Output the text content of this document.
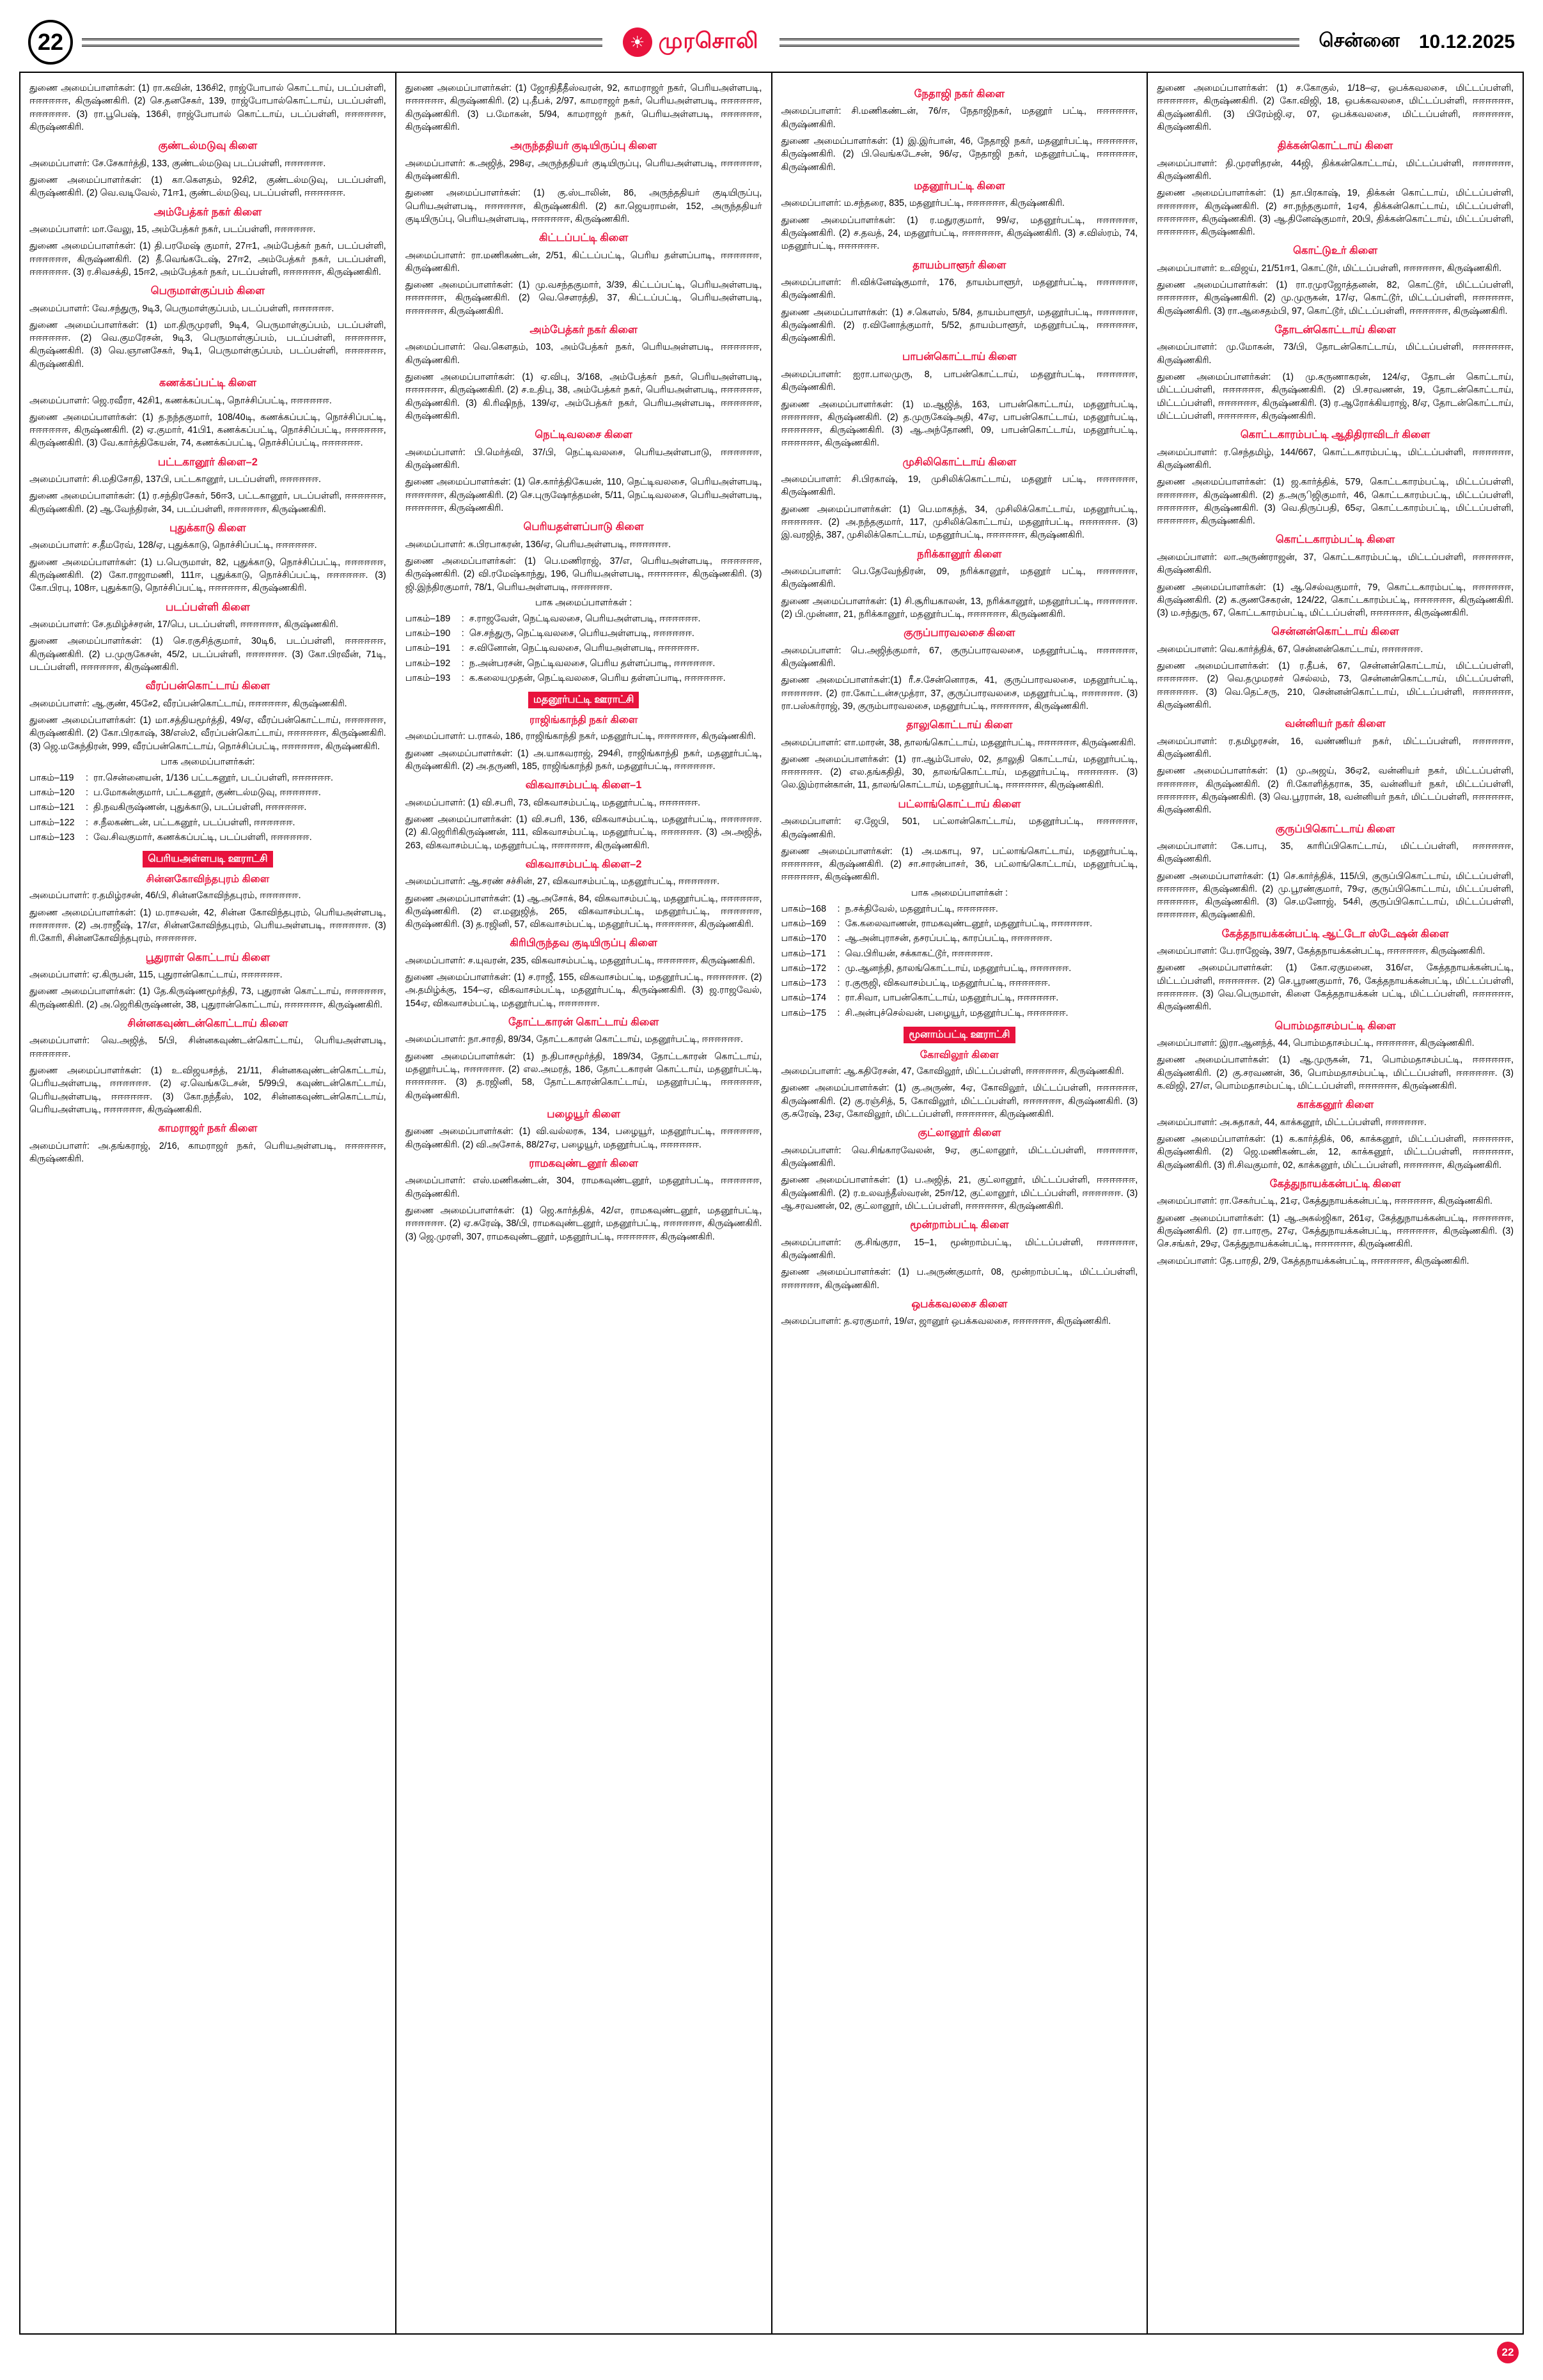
22	☀ முரசொலி	சென்னை	10.12.2025

துணை அமைப்பாளர்கள்: (1) ரா.கவின், 136சி2, ராஜ்போபால் கொட்டாய், படப்பள்ளி, ஈஈஈஈஈஈ, கிருஷ்ணகிரி. (2) செ.தனசேகர், 139, ராஜ்போபால்கொட்டாய், படப்பள்ளி, ஈஈஈஈஈஈ. (3) ரா.பூபெஷ், 136சி, ராஜ்போபால் கொட்டாய், படப்பள்ளி, ஈஈஈஈஈஈ, கிருஷ்ணகிரி.

குண்டல்மடுவு கிளை

அமைப்பாளர்: சே.சேகார்த்தி, 133, குண்டல்மடுவு படப்பள்ளி, ஈஈஈஈஈஈ.

துணை அமைப்பாளர்கள்: (1) கா.கௌதம், 92சி2, குண்டல்மடுவு, படப்பள்ளி, கிருஷ்ணகிரி. (2) வெ.வடிவேல், 71ஈ1, குண்டல்மடுவு, படப்பள்ளி, ஈஈஈஈஈஈ.

அம்பேத்கர் நகர் கிளை

அமைப்பாளர்: மா.வேலு, 15, அம்பேத்கர் நகர், படப்பள்ளி, ஈஈஈஈஈஈ.

துணை அமைப்பாளர்கள்: (1) தி.பரமேஷ் குமார், 27ஈ1, அம்பேத்கர் நகர், படப்பள்ளி, ஈஈஈஈஈஈ, கிருஷ்ணகிரி. (2) தீ.வெங்கடேஷ், 27ஈ2, அம்பேத்கர் நகர், படப்பள்ளி, ஈஈஈஈஈஈ. (3) ர.சிவசக்தி, 15ஈ2, அம்பேத்கர் நகர், படப்பள்ளி, ஈஈஈஈஈஈ, கிருஷ்ணகிரி.

பெருமாள்குப்பம் கிளை

அமைப்பாளர்: வே.சந்துரு, 9டி3, பெருமாள்குப்பம், படப்பள்ளி, ஈஈஈஈஈஈ.

துணை அமைப்பாளர்கள்: (1) மா.திருமுரளி, 9டி4, பெருமாள்குப்பம், படப்பள்ளி, ஈஈஈஈஈஈ. (2) வெ.குமரேசன், 9டி3, பெருமாள்குப்பம், படப்பள்ளி, ஈஈஈஈஈஈ, கிருஷ்ணகிரி. (3) வெ.ஞானசேகர், 9டி1, பெருமாள்குப்பம், படப்பள்ளி, ஈஈஈஈஈஈ, கிருஷ்ணகிரி.

கணக்கப்பட்டி கிளை

அமைப்பாளர்: ஜெ.ரவீரா, 42சி1, கணக்கப்பட்டி, நொச்சிப்பட்டி, ஈஈஈஈஈஈ.

துணை அமைப்பாளர்கள்: (1) த.நந்தகுமார், 108/40டி, கணக்கப்பட்டி, நொச்சிப்பட்டி, ஈஈஈஈஈஈ, கிருஷ்ணகிரி. (2) ஏ.குமார், 41பி1, கணக்கப்பட்டி, நொச்சிப்பட்டி, ஈஈஈஈஈஈ, கிருஷ்ணகிரி. (3) வே.கார்த்திகேயன், 74, கணக்கப்பட்டி, நொச்சிப்பட்டி, ஈஈஈஈஈஈ.

பட்டகானூர் கிளை–2

அமைப்பாளர்: சி.மதிசோதி, 137பி, பட்டகானூர், படப்பள்ளி, ஈஈஈஈஈஈ.

துணை அமைப்பாளர்கள்: (1) ர.சந்திரசேகர், 56ஈ3, பட்டகானூர், படப்பள்ளி, ஈஈஈஈஈஈ, கிருஷ்ணகிரி. (2) ஆ.வேந்திரன், 34, படப்பள்ளி, ஈஈஈஈஈஈ, கிருஷ்ணகிரி.

புதுக்காடு கிளை

அமைப்பாளர்: ச.தீமரேவ், 128/ஏ, புதுக்காடு, நொச்சிப்பட்டி, ஈஈஈஈஈஈ.

துணை அமைப்பாளர்கள்: (1) ப.பெருமாள், 82, புதுக்காடு, நொச்சிப்பட்டி, ஈஈஈஈஈஈ, கிருஷ்ணகிரி. (2) கோ.ராஜாமணி, 111ஈ, புதுக்காடு, நொச்சிப்பட்டி, ஈஈஈஈஈஈ. (3) கோ.பிரபு, 108ஈ, புதுக்காடு, நொச்சிப்பட்டி, ஈஈஈஈஈஈ, கிருஷ்ணகிரி.

படப்பள்ளி கிளை

அமைப்பாளர்: சே.தமிழ்ச்சரன், 17/பெ, படப்பள்ளி, ஈஈஈஈஈஈ, கிருஷ்ணகிரி.

துணை அமைப்பாளர்கள்: (1) செ.ரகுசித்குமார், 30டி6, படப்பள்ளி, ஈஈஈஈஈஈ, கிருஷ்ணகிரி. (2) ப.முருகேசன், 45/2, படப்பள்ளி, ஈஈஈஈஈஈ. (3) கோ.பிரவீன், 71டி, படப்பள்ளி, ஈஈஈஈஈஈ, கிருஷ்ணகிரி.

வீரப்பன்கொட்டாய் கிளை

அமைப்பாளர்: ஆ.குண், 45சே2, வீரப்பன்கொட்டாய், ஈஈஈஈஈஈ, கிருஷ்ணகிரி.

துணை அமைப்பாளர்கள்: (1) மா.சத்தியமூர்த்தி, 49/ஏ, வீரப்பன்கொட்டாய், ஈஈஈஈஈஈ, கிருஷ்ணகிரி. (2) கோ.பிரகாஷ், 38/எஸ்2, வீரப்பன்கொட்டாய், ஈஈஈஈஈஈ, கிருஷ்ணகிரி. (3) ஜெ.மகேந்திரன், 999, வீரப்பன்கொட்டாய், நொச்சிப்பட்டி, ஈஈஈஈஈஈ, கிருஷ்ணகிரி.

பாக அமைப்பாளர்கள்:
பாகம்–119	: ரா.சென்னையன், 1/136 பட்டகனூர், படப்பள்ளி, ஈஈஈஈஈஈ.
பாகம்–120	: ப.மோகன்குமார், பட்டகனூர், குண்டல்மடுவு, ஈஈஈஈஈஈ.
பாகம்–121	: தி.நவகிருஷ்ணன், புதுக்காடு, படப்பள்ளி, ஈஈஈஈஈஈ.
பாகம்–122	: ச.நீலகண்டன், பட்டகனூர், படப்பள்ளி, ஈஈஈஈஈஈ.
பாகம்–123	: வே.சிவகுமார், கணக்கப்பட்டி, படப்பள்ளி, ஈஈஈஈஈஈ.
பெரியஅள்ளபடி ஊராட்சி
சின்னகோவிந்தபுரம் கிளை

அமைப்பாளர்: ர.தமிழ்ரசன், 46/பி, சின்னகோவிந்தபுரம், ஈஈஈஈஈஈ.

துணை அமைப்பாளர்கள்: (1) ம.ராசவன், 42, சின்ன கோவிந்தபுரம், பெரியஅள்ளபடி, ஈஈஈஈஈஈ. (2) அ.ராஜீஷ், 17/எ, சின்னகோவிந்தபுரம், பெரியஅள்ளபடி, ஈஈஈஈஈஈ. (3) ரி.கோரி, சின்னகோவிந்தபுரம், ஈஈஈஈஈஈ.

பூதுராள் கொட்டாய் கிளை

அமைப்பாளர்: ஏ.கிருபன், 115, புதுரான்கொட்டாய், ஈஈஈஈஈஈ.

துணை அமைப்பாளர்கள்: (1) தே.கிருஷ்ணமூர்த்தி, 73, புதுரான் கொட்டாய், ஈஈஈஈஈஈ, கிருஷ்ணகிரி. (2) அ.ஜெரிகிருஷ்ணன், 38, புதுரான்கொட்டாய், ஈஈஈஈஈஈ, கிருஷ்ணகிரி.

சின்னகவுண்டன்கொட்டாய் கிளை

அமைப்பாளர்: வெ.அஜித், 5/பி, சின்னகவுண்டன்கொட்டாய், பெரியஅள்ளபடி, ஈஈஈஈஈஈ.

துணை அமைப்பாளர்கள்: (1) உ.விஜயசந்த், 21/11, சின்னகவுண்டன்கொட்டாய், பெரியஅள்ளபடி, ஈஈஈஈஈஈ. (2) ஏ.வெங்கடேசன், 5/99பி, கவுண்டன்கொட்டாய், பெரியஅள்ளபடி, ஈஈஈஈஈஈ. (3) கோ.நந்தீஸ், 102, சின்னகவுண்டன்கொட்டாய், பெரியஅள்ளபடி, ஈஈஈஈஈஈ, கிருஷ்ணகிரி.

காமராஜர் நகர் கிளை

அமைப்பாளர்: அ.தங்கராஜ், 2/16, காமராஜர் நகர், பெரியஅள்ளபடி, ஈஈஈஈஈஈ, கிருஷ்ணகிரி.

துணை அமைப்பாளர்கள்: (1) ஜோதிதீதீஸ்வரன், 92, காமராஜர் நகர், பெரியஅள்ளபடி, ஈஈஈஈஈஈ, கிருஷ்ணகிரி. (2) பு.தீபக், 2/97, காமராஜர் நகர், பெரியஅள்ளபடி, ஈஈஈஈஈஈ, கிருஷ்ணகிரி. (3) ப.மோகன், 5/94, காமராஜர் நகர், பெரியஅள்ளபடி, ஈஈஈஈஈஈ, கிருஷ்ணகிரி.

அருந்ததியர் குடியிருப்பு கிளை

அமைப்பாளர்: க.அஜித், 298ஏ, அருந்ததியர் குடியிருப்பு, பெரியஅள்ளபடி, ஈஈஈஈஈஈ, கிருஷ்ணகிரி.

துணை அமைப்பாளர்கள்: (1) கு.ஸ்டாலின், 86, அருந்ததியர் குடியிருப்பு, பெரியஅள்ளபடி, ஈஈஈஈஈஈ, கிருஷ்ணகிரி. (2) கா.ஜெயராமன், 152, அருந்ததியர் குடியிருப்பு, பெரியஅள்ளபடி, ஈஈஈஈஈஈ, கிருஷ்ணகிரி.

கிட்டப்பட்டி கிளை

அமைப்பாளர்: ரா.மணிகண்டன், 2/51, கிட்டப்பட்டி, பெரிய தள்ளப்பாடி, ஈஈஈஈஈஈ, கிருஷ்ணகிரி.

துணை அமைப்பாளர்கள்: (1) மு.வசந்தகுமார், 3/39, கிட்டப்பட்டி, பெரியஅள்ளபடி, ஈஈஈஈஈஈ, கிருஷ்ணகிரி. (2) வெ.சௌரத்தி, 37, கிட்டப்பட்டி, பெரியஅள்ளபடி, ஈஈஈஈஈஈ, கிருஷ்ணகிரி.

அம்பேத்கர் நகர் கிளை

அமைப்பாளர்: வெ.கௌதம், 103, அம்பேத்கர் நகர், பெரியஅள்ளபடி, ஈஈஈஈஈஈ, கிருஷ்ணகிரி.

துணை அமைப்பாளர்கள்: (1) ஏ.விபு, 3/168, அம்பேத்கர் நகர், பெரியஅள்ளபடி, ஈஈஈஈஈஈ, கிருஷ்ணகிரி. (2) ச.உதிபு, 38, அம்பேத்கர் நகர், பெரியஅள்ளபடி, ஈஈஈஈஈஈ, கிருஷ்ணகிரி. (3) கி.ரிஷிநந், 139/ஏ, அம்பேத்கர் நகர், பெரியஅள்ளபடி, ஈஈஈஈஈஈ, கிருஷ்ணகிரி.

நெட்டிவலசை கிளை

அமைப்பாளர்: பி.மெர்த்வி, 37/பி, நெட்டிவலசை, பெரியஅள்ளபாடு, ஈஈஈஈஈஈ, கிருஷ்ணகிரி.

துணை அமைப்பாளர்கள்: (1) செ.கார்த்திகேயன், 110, நெட்டிவலசை, பெரியஅள்ளபடி, ஈஈஈஈஈஈ, கிருஷ்ணகிரி. (2) செ.புருஷோத்தமன், 5/11, நெட்டிவலசை, பெரியஅள்ளபடி, ஈஈஈஈஈஈ, கிருஷ்ணகிரி.

பெரியதள்ளப்பாடு கிளை

அமைப்பாளர்: க.பிரபாகரன், 136/ஏ, பெரியஅள்ளபடி, ஈஈஈஈஈஈ.

துணை அமைப்பாளர்கள்: (1) பெ.மணிராஜ், 37/எ, பெரியஅள்ளபடி, ஈஈஈஈஈஈ, கிருஷ்ணகிரி. (2) வி.ரமேஷ்காந்து, 196, பெரியஅள்ளபடி, ஈஈஈஈஈஈ, கிருஷ்ணகிரி. (3) ஜி.இந்திரகுமார், 78/1, பெரியஅள்ளபடி, ஈஈஈஈஈஈ.

பாக அமைப்பாளர்கள் :
பாகம்–189	: ச.ராஜவேள், நெட்டிவலசை, பெரியஅள்ளபடி, ஈஈஈஈஈஈ.
பாகம்–190	: செ.சந்துரு, நெட்டிவலசை, பெரியஅள்ளபடி, ஈஈஈஈஈஈ.
பாகம்–191	: ச.வினோன், நெட்டிவலசை, பெரியஅள்ளபடி, ஈஈஈஈஈஈ.
பாகம்–192	: ந.அன்பரசன், நெட்டிவலசை, பெரிய தள்ளப்பாடி, ஈஈஈஈஈஈ.
பாகம்–193	: க.கலையமுதன், நெட்டிவலசை, பெரிய தள்ளப்பாடி, ஈஈஈஈஈஈ.
மதனூர்பட்டி ஊராட்சி
ராஜிங்காந்தி நகர் கிளை

அமைப்பாளர்: ப.ராகல், 186, ராஜிங்காந்தி நகர், மதனூர்பட்டி, ஈஈஈஈஈஈ, கிருஷ்ணகிரி.

துணை அமைப்பாளர்கள்: (1) அ.யாகவராஜ், 294சி, ராஜிங்காந்தி நகர், மதனூர்பட்டி, கிருஷ்ணகிரி. (2) அ.தருணி, 185, ராஜிங்காந்தி நகர், மதனூர்பட்டி, ஈஈஈஈஈஈ.

விகவாசம்பட்டி கிளை–1

அமைப்பாளர்: (1) வி.சபரி, 73, விகவாசம்பட்டி, மதனூர்பட்டி, ஈஈஈஈஈஈ.

துணை அமைப்பாளர்கள்: (1) வி.சபரி, 136, விகவாசம்பட்டி, மதனூர்பட்டி, ஈஈஈஈஈஈ. (2) கி.ஜெரிரிகிருஷ்ணன், 111, விகவாசம்பட்டி, மதனூர்பட்டி, ஈஈஈஈஈஈ. (3) அ.அஜித், 263, விகவாசம்பட்டி, மதனூர்பட்டி, ஈஈஈஈஈஈ, கிருஷ்ணகிரி.

விகவாசம்பட்டி கிளை–2

அமைப்பாளர்: ஆ.சரண் சச்சின், 27, விகவாசம்பட்டி, மதனூர்பட்டி, ஈஈஈஈஈஈ.

துணை அமைப்பாளர்கள்: (1) ஆ.அசோக், 84, விகவாசம்பட்டி, மதனூர்பட்டி, ஈஈஈஈஈஈ, கிருஷ்ணகிரி. (2) எ.மனுஜித், 265, விகவாசம்பட்டி, மதனூர்பட்டி, ஈஈஈஈஈஈ, கிருஷ்ணகிரி. (3) த.ரஜினி, 57, விகவாசம்பட்டி, மதனூர்பட்டி, ஈஈஈஈஈஈ, கிருஷ்ணகிரி.

கிரிபிருந்தவ குடியிருப்பு கிளை

அமைப்பாளர்: ச.யுவரன், 235, விகவாசம்பட்டி, மதனூர்பட்டி, ஈஈஈஈஈஈ, கிருஷ்ணகிரி.

துணை அமைப்பாளர்கள்: (1) ச.ராஜீ, 155, விகவாசம்பட்டி, மதனூர்பட்டி, ஈஈஈஈஈஈ. (2) அ.தமிழ்க்கு, 154–ஏ, விகவாசம்பட்டி, மதனூர்பட்டி, கிருஷ்ணகிரி. (3) ஜ.ராஜவேல், 154ஏ, விகவாசம்பட்டி, மதனூர்பட்டி, ஈஈஈஈஈஈ.

தோட்டகாரன் கொட்டாய் கிளை

அமைப்பாளர்: நா.சாரதி, 89/34, தோட்டகாரன் கொட்டாய், மதனூர்பட்டி, ஈஈஈஈஈஈ.

துணை அமைப்பாளர்கள்: (1) ந.திபாசமூர்த்தி, 189/34, தோட்டகாரன் கொட்டாய், மதனூர்பட்டி, ஈஈஈஈஈஈ. (2) எல.அமரத், 186, தோட்டகாரன் கொட்டாய், மதனூர்பட்டி, ஈஈஈஈஈஈ. (3) த.ரஜினி, 58, தோட்டகாரன்கொட்டாய், மதனூர்பட்டி, ஈஈஈஈஈஈ, கிருஷ்ணகிரி.

பழையூர் கிளை

துணை அமைப்பாளர்கள்: (1) வி.வல்லரசு, 134, பழையூர், மதனூர்பட்டி, ஈஈஈஈஈஈ, கிருஷ்ணகிரி. (2) வி.அசோக், 88/27ஏ, பழையூர், மதனூர்பட்டி, ஈஈஈஈஈஈ.

ராமகவுண்டனூர் கிளை

அமைப்பாளர்: எஸ்.மணிகண்டன், 304, ராமகவுண்டனூர், மதனூர்பட்டி, ஈஈஈஈஈஈ, கிருஷ்ணகிரி.

துணை அமைப்பாளர்கள்: (1) ஜெ.கார்த்திக், 42/எ, ராமகவுண்டனூர், மதனூர்பட்டி, ஈஈஈஈஈஈ. (2) ஏ.சுரேஷ், 38/பி, ராமகவுண்டனூர், மதனூர்பட்டி, ஈஈஈஈஈஈ, கிருஷ்ணகிரி. (3) ஜெ.முரளி, 307, ராமகவுண்டனூர், மதனூர்பட்டி, ஈஈஈஈஈஈ, கிருஷ்ணகிரி.

நேதாஜி நகர் கிளை

அமைப்பாளர்: சி.மணிகண்டன், 76/ஈ, நேதாஜிநகர், மதனூர் பட்டி, ஈஈஈஈஈஈ, கிருஷ்ணகிரி.

துணை அமைப்பாளர்கள்: (1) இ.இர்பான், 46, நேதாஜி நகர், மதனூர்பட்டி, ஈஈஈஈஈஈ, கிருஷ்ணகிரி. (2) பி.வெங்கடேசன், 96/ஏ, நேதாஜி நகர், மதனூர்பட்டி, ஈஈஈஈஈஈ, கிருஷ்ணகிரி.

மதனூர்பட்டி கிளை

அமைப்பாளர்: ம.சந்தரை, 835, மதனூர்பட்டி, ஈஈஈஈஈஈ, கிருஷ்ணகிரி.

துணை அமைப்பாளர்கள்: (1) ர.மதுரகுமார், 99/ஏ, மதனூர்பட்டி, ஈஈஈஈஈஈ, கிருஷ்ணகிரி. (2) ச.தவத், 24, மதனூர்பட்டி, ஈஈஈஈஈஈ, கிருஷ்ணகிரி. (3) ச.விஸ்ரம், 74, மதனூர்பட்டி, ஈஈஈஈஈஈ.

தாயம்பாளூர் கிளை

அமைப்பாளர்: ரி.விக்னேஷ்குமார், 176, தாயம்பாளூர், மதனூர்பட்டி, ஈஈஈஈஈஈ, கிருஷ்ணகிரி.

துணை அமைப்பாளர்கள்: (1) ச.கௌஸ், 5/84, தாயம்பாளூர், மதனூர்பட்டி, ஈஈஈஈஈஈ, கிருஷ்ணகிரி. (2) ர.வினோத்குமார், 5/52, தாயம்பாளூர், மதனூர்பட்டி, ஈஈஈஈஈஈ, கிருஷ்ணகிரி.

பாபன்கொட்டாய் கிளை

அமைப்பாளர்: ஐரா.பாலமுரு, 8, பாபன்கொட்டாய், மதனூர்பட்டி, ஈஈஈஈஈஈ, கிருஷ்ணகிரி.

துணை அமைப்பாளர்கள்: (1) ம.ஆஜித், 163, பாபன்கொட்டாய், மதனூர்பட்டி, ஈஈஈஈஈஈ, கிருஷ்ணகிரி. (2) த.முருகேஷ்அதி, 47ஏ, பாபன்கொட்டாய், மதனூர்பட்டி, ஈஈஈஈஈஈ, கிருஷ்ணகிரி. (3) ஆ.அந்தோணி, 09, பாபன்கொட்டாய், மதனூர்பட்டி, ஈஈஈஈஈஈ, கிருஷ்ணகிரி.

முசிலிகொட்டாய் கிளை

அமைப்பாளர்: சி.பிரகாஷ், 19, முசிலிக்கொட்டாய், மதனூர் பட்டி, ஈஈஈஈஈஈ, கிருஷ்ணகிரி.

துணை அமைப்பாளர்கள்: (1) பெ.மாகந்த், 34, முசிலிக்கொட்டாய், மதனூர்பட்டி, ஈஈஈஈஈஈ. (2) அ.நந்தகுமார், 117, முசிலிக்கொட்டாய், மதனூர்பட்டி, ஈஈஈஈஈஈ. (3) இ.வரஜித், 387, முசிலிக்கொட்டாய், மதனூர்பட்டி, ஈஈஈஈஈஈ, கிருஷ்ணகிரி.

நரிக்கானூர் கிளை

அமைப்பாளர்: பெ.தேவேந்திரன், 09, நரிக்கானூர், மதனூர் பட்டி, ஈஈஈஈஈஈ, கிருஷ்ணகிரி.

துணை அமைப்பாளர்கள்: (1) சி.சூரியகாலன், 13, நரிக்கானூர், மதனூர்பட்டி, ஈஈஈஈஈஈ. (2) பி.முன்னா, 21, நரிக்கானூர், மதனூர்பட்டி, ஈஈஈஈஈஈ, கிருஷ்ணகிரி.

குருப்பாரவலசை கிளை

அமைப்பாளர்: பெ.அஜித்குமார், 67, குருப்பாரவலசை, மதனூர்பட்டி, ஈஈஈஈஈஈ, கிருஷ்ணகிரி.

துணை அமைப்பாளர்கள்:(1) ரீ.ச.சேன்னொரசு, 41, குருப்பாரவலசை, மதனூர்பட்டி, ஈஈஈஈஈஈ. (2) ரா.கோட்டன்சமுத்ரா, 37, குருப்பாரவலசை, மதனூர்பட்டி, ஈஈஈஈஈஈ. (3) ரா.பஸ்கர்ராஜ், 39, குரும்பாரவலசை, மதனூர்பட்டி, ஈஈஈஈஈஈ, கிருஷ்ணகிரி.

தாலுகொட்டாய் கிளை

அமைப்பாளர்: எா.மாரன், 38, தாலங்கொட்டாய், மதனூர்பட்டி, ஈஈஈஈஈஈ, கிருஷ்ணகிரி.

துணை அமைப்பாளர்கள்: (1) ரா.ஆம்போஸ், 02, தாலுதி கொட்டாய், மதனூர்பட்டி, ஈஈஈஈஈஈ. (2) எல.தங்கதிதி, 30, தாலங்கொட்டாய், மதனூர்பட்டி, ஈஈஈஈஈஈ. (3) லெ.இம்ரான்கான், 11, தாலங்கொட்டாய், மதனூர்பட்டி, ஈஈஈஈஈஈ, கிருஷ்ணகிரி.

பட்லாங்கொட்டாய் கிளை

அமைப்பாளர்: ஏ.ஜேபி, 501, பட்லான்கொட்டாய், மதனூர்பட்டி, ஈஈஈஈஈஈ, கிருஷ்ணகிரி.

துணை அமைப்பாளர்கள்: (1) அ.மகாபு, 97, பட்லாங்கொட்டாய், மதனூர்பட்டி, ஈஈஈஈஈஈ, கிருஷ்ணகிரி. (2) சா.சாரன்பாசர், 36, பட்லாங்கொட்டாய், மதனூர்பட்டி, ஈஈஈஈஈஈ, கிருஷ்ணகிரி.

பாக அமைப்பாளர்கள் :
பாகம்–168	: ந.சக்திவேல், மதனூர்பட்டி, ஈஈஈஈஈஈ.
பாகம்–169	: கே.கலைவாணன், ராமகவுண்டனூர், மதனூர்பட்டி, ஈஈஈஈஈஈ.
பாகம்–170	: ஆ.அன்புராசன், தசரப்பட்டி, காரப்பட்டி, ஈஈஈஈஈஈ.
பாகம்–171	: வெ.பிரியன், சக்காகட்டூர், ஈஈஈஈஈஈ.
பாகம்–172	: மு.ஆனந்தி, தாலங்கொட்டாய், மதனூர்பட்டி, ஈஈஈஈஈஈ.
பாகம்–173	: ர.குரூஜி, விகவாசம்பட்டி, மதனூர்பட்டி, ஈஈஈஈஈஈ.
பாகம்–174	: ரா.சிவா, பாபன்கொட்டாய், மதனூர்பட்டி, ஈஈஈஈஈஈ.
பாகம்–175	: சி.அன்புச்செல்வன், பழையூர், மதனூர்பட்டி, ஈஈஈஈஈஈ.
மூனாம்பட்டி ஊராட்சி
கோவிலூர் கிளை

அமைப்பாளர்: ஆ.கதிரேசன், 47, கோவிலூர், மிட்டப்பள்ளி, ஈஈஈஈஈஈ, கிருஷ்ணகிரி.

துணை அமைப்பாளர்கள்: (1) கு.அருண், 4ஏ, கோவிலூர், மிட்டப்பள்ளி, ஈஈஈஈஈஈ, கிருஷ்ணகிரி. (2) கு.ரஞ்சித், 5, கோவிலூர், மிட்டப்பள்ளி, ஈஈஈஈஈஈ, கிருஷ்ணகிரி. (3) கு.சுரேஷ், 23ஏ, கோவிலூர், மிட்டப்பள்ளி, ஈஈஈஈஈஈ, கிருஷ்ணகிரி.

குட்லானூர் கிளை

அமைப்பாளர்: வெ.சிங்காரவேலன், 9ஏ, குட்லானூர், மிட்டப்பள்ளி, ஈஈஈஈஈஈ, கிருஷ்ணகிரி.

துணை அமைப்பாளர்கள்: (1) ப.அஜித், 21, குட்லானூர், மிட்டப்பள்ளி, ஈஈஈஈஈஈ, கிருஷ்ணகிரி. (2) ர.உலவந்தீஸ்வரன், 25ஈ/12, குட்லானூர், மிட்டப்பள்ளி, ஈஈஈஈஈஈ. (3) ஆ.சரவணன், 02, குட்லானூர், மிட்டப்பள்ளி, ஈஈஈஈஈஈ, கிருஷ்ணகிரி.

மூன்றாம்பட்டி கிளை

அமைப்பாளர்: கு.சிங்குரா, 15–1, மூன்றாம்பட்டி, மிட்டப்பள்ளி, ஈஈஈஈஈஈ, கிருஷ்ணகிரி.

துணை அமைப்பாளர்கள்: (1) ப.அருண்குமார், 08, மூன்றாம்பட்டி, மிட்டப்பள்ளி, ஈஈஈஈஈஈ, கிருஷ்ணகிரி.

ஒபக்கவலசை கிளை

அமைப்பாளர்: த.ஏரகுமார், 19/எ, ஜானூர் ஒபக்கவலசை, ஈஈஈஈஈஈ, கிருஷ்ணகிரி.

துணை அமைப்பாளர்கள்: (1) ச.கோகுல், 1/18–ஏ, ஒபக்கவலசை, மிட்டப்பள்ளி, ஈஈஈஈஈஈ, கிருஷ்ணகிரி. (2) கோ.விஜி, 18, ஒபக்கவலசை, மிட்டப்பள்ளி, ஈஈஈஈஈஈ, கிருஷ்ணகிரி. (3) பிரேம்ஜி.ஏ, 07, ஒபக்கவலசை, மிட்டப்பள்ளி, ஈஈஈஈஈஈ, கிருஷ்ணகிரி.

திக்கன்கொட்டாய் கிளை

அமைப்பாளர்: தி.முரளிதரன், 44ஜி, திக்கன்கொட்டாய், மிட்டப்பள்ளி, ஈஈஈஈஈஈ, கிருஷ்ணகிரி.

துணை அமைப்பாளர்கள்: (1) தா.பிரகாஷ், 19, திக்கன் கொட்டாய், மிட்டப்பள்ளி, ஈஈஈஈஈஈ, கிருஷ்ணகிரி. (2) சா.நந்தகுமார், 1ஏ4, திக்கன்கொட்டாய், மிட்டப்பள்ளி, ஈஈஈஈஈஈ, கிருஷ்ணகிரி. (3) ஆ.தினேஷ்குமார், 20பி, திக்கன்கொட்டாய், மிட்டப்பள்ளி, ஈஈஈஈஈஈ, கிருஷ்ணகிரி.

கொட்டுஉர் கிளை

அமைப்பாளர்: உ.விஜய், 21/51ஈ1, கொட்டூர், மிட்டப்பள்ளி, ஈஈஈஈஈஈ, கிருஷ்ணகிரி.

துணை அமைப்பாளர்கள்: (1) ரா.ரமுரஜோத்தனன், 82, கொட்டூர், மிட்டப்பள்ளி, ஈஈஈஈஈஈ, கிருஷ்ணகிரி. (2) மு.முருகன், 17/ஏ, கொட்டூர், மிட்டப்பள்ளி, ஈஈஈஈஈஈ, கிருஷ்ணகிரி. (3) ரா.ஆசைதம்பி, 97, கொட்டூர், மிட்டப்பள்ளி, ஈஈஈஈஈஈ, கிருஷ்ணகிரி.

தோடன்கொட்டாய் கிளை

அமைப்பாளர்: மு.மோகன், 73/பி, தோடன்கொட்டாய், மிட்டப்பள்ளி, ஈஈஈஈஈஈ, கிருஷ்ணகிரி.

துணை அமைப்பாளர்கள்: (1) மு.கருணாகரன், 124/ஏ, தோடன் கொட்டாய், மிட்டப்பள்ளி, ஈஈஈஈஈஈ, கிருஷ்ணகிரி. (2) பி.சரவணன், 19, தோடன்கொட்டாய், மிட்டப்பள்ளி, ஈஈஈஈஈஈ, கிருஷ்ணகிரி. (3) ர.ஆரோக்கியராஜ், 8/ஏ, தோடன்கொட்டாய், மிட்டப்பள்ளி, ஈஈஈஈஈஈ, கிருஷ்ணகிரி.

கொட்டகாரம்பட்டி ஆதிதிராவிடர் கிளை

அமைப்பாளர்: ர.செந்தமிழ், 144/667, கொட்டகாரம்பட்டி, மிட்டப்பள்ளி, ஈஈஈஈஈஈ, கிருஷ்ணகிரி.

துணை அமைப்பாளர்கள்: (1) ஜ.கார்த்திக், 579, கொட்டகாரம்பட்டி, மிட்டப்பள்ளி, ஈஈஈஈஈஈ, கிருஷ்ணகிரி. (2) த.அருிஜிகுமார், 46, கொட்டகாரம்பட்டி, மிட்டப்பள்ளி, ஈஈஈஈஈஈ, கிருஷ்ணகிரி. (3) வெ.திருப்பதி, 65ஏ, கொட்டகாரம்பட்டி, மிட்டப்பள்ளி, ஈஈஈஈஈஈ, கிருஷ்ணகிரி.

கொட்டகாரம்பட்டி கிளை

அமைப்பாளர்: லா.அருண்ராஜன், 37, கொட்டகாரம்பட்டி, மிட்டப்பள்ளி, ஈஈஈஈஈஈ, கிருஷ்ணகிரி.

துணை அமைப்பாளர்கள்: (1) ஆ.செல்வகுமார், 79, கொட்டகாரம்பட்டி, ஈஈஈஈஈஈ, கிருஷ்ணகிரி. (2) க.குணசேகரன், 124/22, கொட்டகாரம்பட்டி, ஈஈஈஈஈஈ, கிருஷ்ணகிரி. (3) ம.சந்துரு, 67, கொட்டகாரம்பட்டி, மிட்டப்பள்ளி, ஈஈஈஈஈஈ, கிருஷ்ணகிரி.

சென்னன்கொட்டாய் கிளை

அமைப்பாளர்: வெ.கார்த்திக், 67, சென்னன்கொட்டாய், ஈஈஈஈஈஈ.

துணை அமைப்பாளர்கள்: (1) ர.தீபக், 67, சென்னன்கொட்டாய், மிட்டப்பள்ளி, ஈஈஈஈஈஈ. (2) வெ.தமுமரசர் செல்லம், 73, சென்னன்கொட்டாய், மிட்டப்பள்ளி, ஈஈஈஈஈஈ. (3) வெ.தெட்சரு, 210, சென்னன்கொட்டாய், மிட்டப்பள்ளி, ஈஈஈஈஈஈ, கிருஷ்ணகிரி.

வன்னியர் நகர் கிளை

அமைப்பாளர்: ர.தமிழரசன், 16, வண்ணியர் நகர், மிட்டப்பள்ளி, ஈஈஈஈஈஈ, கிருஷ்ணகிரி.

துணை அமைப்பாளர்கள்: (1) மு.அஜய், 36ஏ2, வன்னியர் நகர், மிட்டப்பள்ளி, ஈஈஈஈஈஈ, கிருஷ்ணகிரி. (2) ரி.கோளித்தராசு, 35, வன்னியர் நகர், மிட்டப்பள்ளி, ஈஈஈஈஈஈ, கிருஷ்ணகிரி. (3) வெ.பூரரான், 18, வன்னியர் நகர், மிட்டப்பள்ளி, ஈஈஈஈஈஈ, கிருஷ்ணகிரி.

குருப்பிகொட்டாய் கிளை

அமைப்பாளர்: கே.பாபு, 35, காரிப்பிகொட்டாய், மிட்டப்பள்ளி, ஈஈஈஈஈஈ, கிருஷ்ணகிரி.

துணை அமைப்பாளர்கள்: (1) செ.கார்த்திக், 115/பி, குருப்பிகொட்டாய், மிட்டப்பள்ளி, ஈஈஈஈஈஈ, கிருஷ்ணகிரி. (2) மு.பூரண்குமார், 79ஏ, குருப்பிகொட்டாய், மிட்டப்பள்ளி, ஈஈஈஈஈஈ, கிருஷ்ணகிரி. (3) செ.மனோஜ், 54சி, குருப்பிகொட்டாய், மிட்டப்பள்ளி, ஈஈஈஈஈஈ, கிருஷ்ணகிரி.

கேத்தநாயக்கன்பட்டி ஆட்டோ ஸ்டேஷன் கிளை

அமைப்பாளர்: பே.ராஜேஷ், 39/7, கேத்தநாயக்கன்பட்டி, ஈஈஈஈஈஈ, கிருஷ்ணகிரி.

துணை அமைப்பாளர்கள்: (1) கோ.ஏகுமனை, 316/எ, கேத்தநாயக்கன்பட்டி, மிட்டப்பள்ளி, ஈஈஈஈஈஈ. (2) செ.பூரணகுமார், 76, கேத்தநாயக்கன்பட்டி, மிட்டப்பள்ளி, ஈஈஈஈஈஈ. (3) வெ.பெருமாள், கிளை கேத்தநாயக்கன் பட்டி, மிட்டப்பள்ளி, ஈஈஈஈஈஈ, கிருஷ்ணகிரி.

பொம்மதாசம்பட்டி கிளை

அமைப்பாளர்: இரா.ஆனந்த், 44, பொம்மதாசம்பட்டி, ஈஈஈஈஈஈ, கிருஷ்ணகிரி.

துணை அமைப்பாளர்கள்: (1) ஆ.முருகன், 71, பொம்மதாசம்பட்டி, ஈஈஈஈஈஈ, கிருஷ்ணகிரி. (2) கு.சரவணன், 36, பொம்மதாசம்பட்டி, மிட்டப்பள்ளி, ஈஈஈஈஈஈ. (3) க.விஜி, 27/எ, பொம்மதாசம்பட்டி, மிட்டப்பள்ளி, ஈஈஈஈஈஈ, கிருஷ்ணகிரி.

காக்கனூர் கிளை

அமைப்பாளர்: அ.சுதாகர், 44, காக்கனூர், மிட்டப்பள்ளி, ஈஈஈஈஈஈ.

துணை அமைப்பாளர்கள்: (1) க.கார்த்திக், 06, காக்கனூர், மிட்டப்பள்ளி, ஈஈஈஈஈஈ, கிருஷ்ணகிரி. (2) ஜெ.மணிகண்டன், 12, காக்கனூர், மிட்டப்பள்ளி, ஈஈஈஈஈஈ, கிருஷ்ணகிரி. (3) ரி.சிவகுமார், 02, காக்கனூர், மிட்டப்பள்ளி, ஈஈஈஈஈஈ, கிருஷ்ணகிரி.

கேத்துநாயக்கன்பட்டி கிளை

அமைப்பாளர்: ரா.சேகர்பட்டி, 21ஏ, கேத்துநாயக்கன்பட்டி, ஈஈஈஈஈஈ, கிருஷ்ணகிரி.

துணை அமைப்பாளர்கள்: (1) ஆ.அகல்ஜிகா, 261ஏ, கேத்துநாயக்கன்பட்டி, ஈஈஈஈஈஈ, கிருஷ்ணகிரி. (2) ரா.பாரரூ, 27ஏ, கேத்துநாயக்கன்பட்டி, ஈஈஈஈஈஈ, கிருஷ்ணகிரி. (3) செ.சங்கர், 29ஏ, கேத்துநாயக்கன்பட்டி, ஈஈஈஈஈஈ, கிருஷ்ணகிரி.

அமைப்பாளர்: தே.பாரதி, 2/9, கேத்தநாயக்கன்பட்டி, ஈஈஈஈஈஈ, கிருஷ்ணகிரி.

22
